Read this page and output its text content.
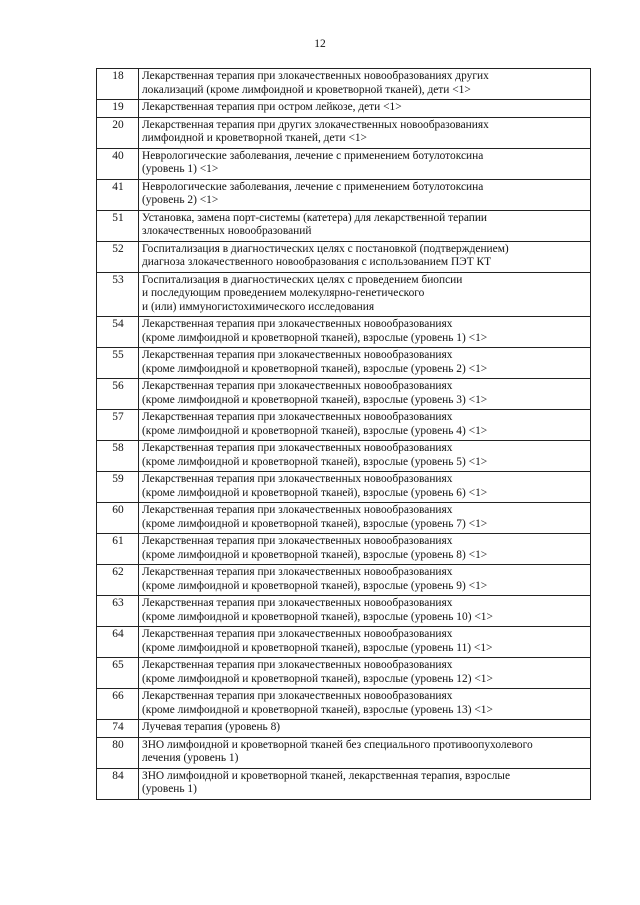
12
18	Лекарственная терапия при злокачественных новообразованиях других
локализаций (кроме лимфоидной и кроветворной тканей), дети <1>

19	Лекарственная терапия при остром лейкозе, дети <1>

20	Лекарственная терапия при других злокачественных новообразованиях
лимфоидной и кроветворной тканей, дети <1>

40	Неврологические заболевания, лечение с применением ботулотоксина
(уровень 1) <1>

41	Неврологические заболевания, лечение с применением ботулотоксина
(уровень 2) <1>

51	Установка, замена порт-системы (катетера) для лекарственной терапии
злокачественных новообразований

52	Госпитализация в диагностических целях с постановкой (подтверждением)
диагноза злокачественного новообразования с использованием ПЭТ КТ

53	Госпитализация в диагностических целях с проведением биопсии
и последующим проведением молекулярно-генетического
и (или) иммуногистохимического исследования

54	Лекарственная терапия при злокачественных новообразованиях
(кроме лимфоидной и кроветворной тканей), взрослые (уровень 1) <1>

55	Лекарственная терапия при злокачественных новообразованиях
(кроме лимфоидной и кроветворной тканей), взрослые (уровень 2) <1>

56	Лекарственная терапия при злокачественных новообразованиях
(кроме лимфоидной и кроветворной тканей), взрослые (уровень 3) <1>

57	Лекарственная терапия при злокачественных новообразованиях
(кроме лимфоидной и кроветворной тканей), взрослые (уровень 4) <1>

58	Лекарственная терапия при злокачественных новообразованиях
(кроме лимфоидной и кроветворной тканей), взрослые (уровень 5) <1>

59	Лекарственная терапия при злокачественных новообразованиях
(кроме лимфоидной и кроветворной тканей), взрослые (уровень 6) <1>

60	Лекарственная терапия при злокачественных новообразованиях
(кроме лимфоидной и кроветворной тканей), взрослые (уровень 7) <1>

61	Лекарственная терапия при злокачественных новообразованиях
(кроме лимфоидной и кроветворной тканей), взрослые (уровень 8) <1>

62	Лекарственная терапия при злокачественных новообразованиях
(кроме лимфоидной и кроветворной тканей), взрослые (уровень 9) <1>

63	Лекарственная терапия при злокачественных новообразованиях
(кроме лимфоидной и кроветворной тканей), взрослые (уровень 10) <1>

64	Лекарственная терапия при злокачественных новообразованиях
(кроме лимфоидной и кроветворной тканей), взрослые (уровень 11) <1>

65	Лекарственная терапия при злокачественных новообразованиях
(кроме лимфоидной и кроветворной тканей), взрослые (уровень 12) <1>

66	Лекарственная терапия при злокачественных новообразованиях
(кроме лимфоидной и кроветворной тканей), взрослые (уровень 13) <1>

74	Лучевая терапия (уровень 8)

80	ЗНО лимфоидной и кроветворной тканей без специального противоопухолевого
лечения (уровень 1)

84	ЗНО лимфоидной и кроветворной тканей, лекарственная терапия, взрослые
(уровень 1)
